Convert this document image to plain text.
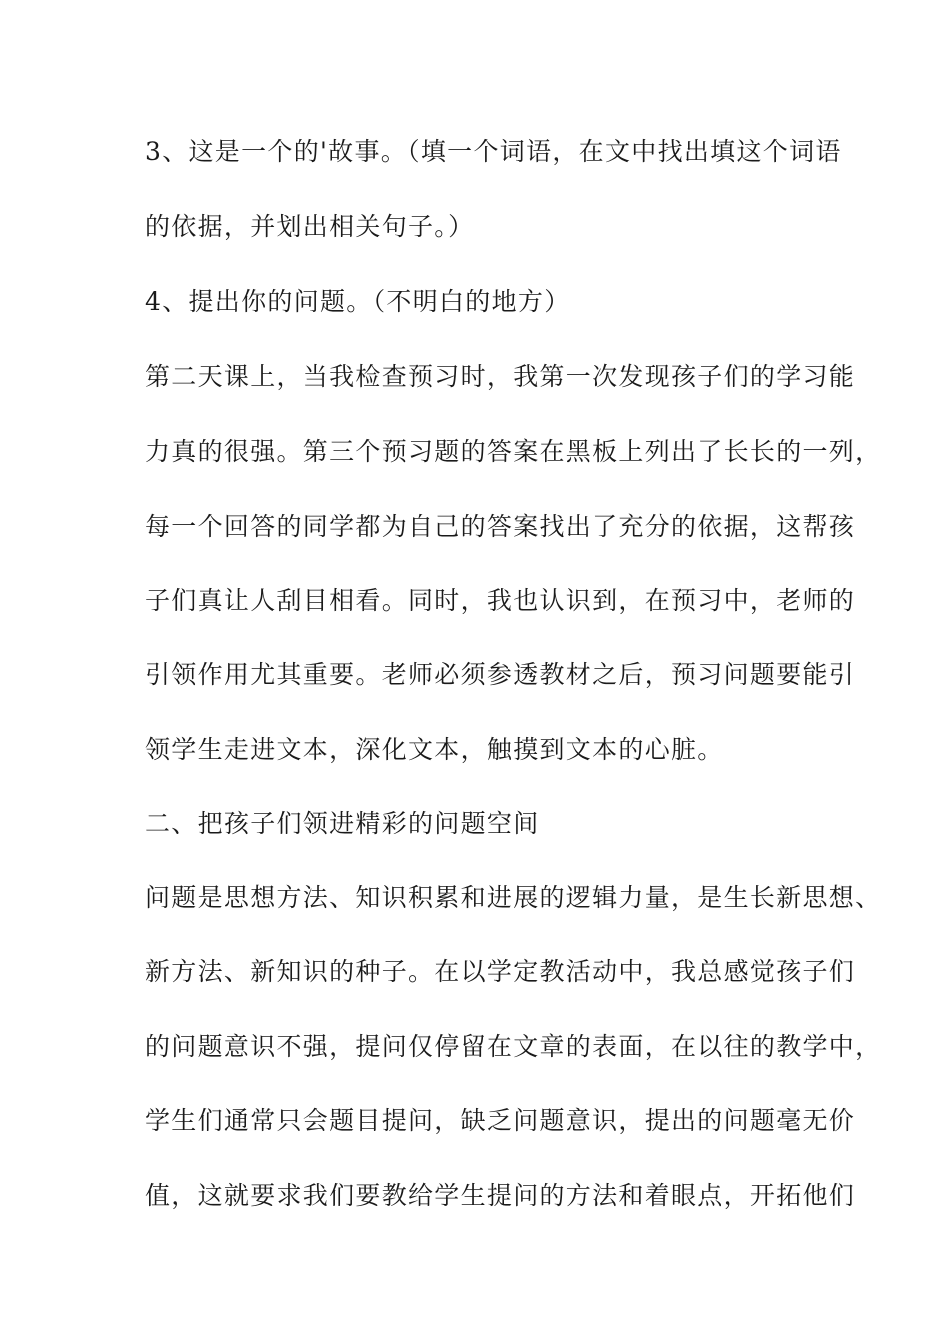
3、这是一个的'故事。（填一个词语，在文中找出填这个词语
的依据，并划出相关句子。）
4、提出你的问题。（不明白的地方）
第二天课上，当我检查预习时，我第一次发现孩子们的学习能
力真的很强。第三个预习题的答案在黑板上列出了长长的一列，
每一个回答的同学都为自己的答案找出了充分的依据，这帮孩
子们真让人刮目相看。同时，我也认识到，在预习中，老师的
引领作用尤其重要。老师必须参透教材之后，预习问题要能引
领学生走进文本，深化文本，触摸到文本的心脏。
二、把孩子们领进精彩的问题空间
问题是思想方法、知识积累和进展的逻辑力量，是生长新思想、
新方法、新知识的种子。在以学定教活动中，我总感觉孩子们
的问题意识不强，提问仅停留在文章的表面，在以往的教学中，
学生们通常只会题目提问，缺乏问题意识，提出的问题毫无价
值，这就要求我们要教给学生提问的方法和着眼点，开拓他们
